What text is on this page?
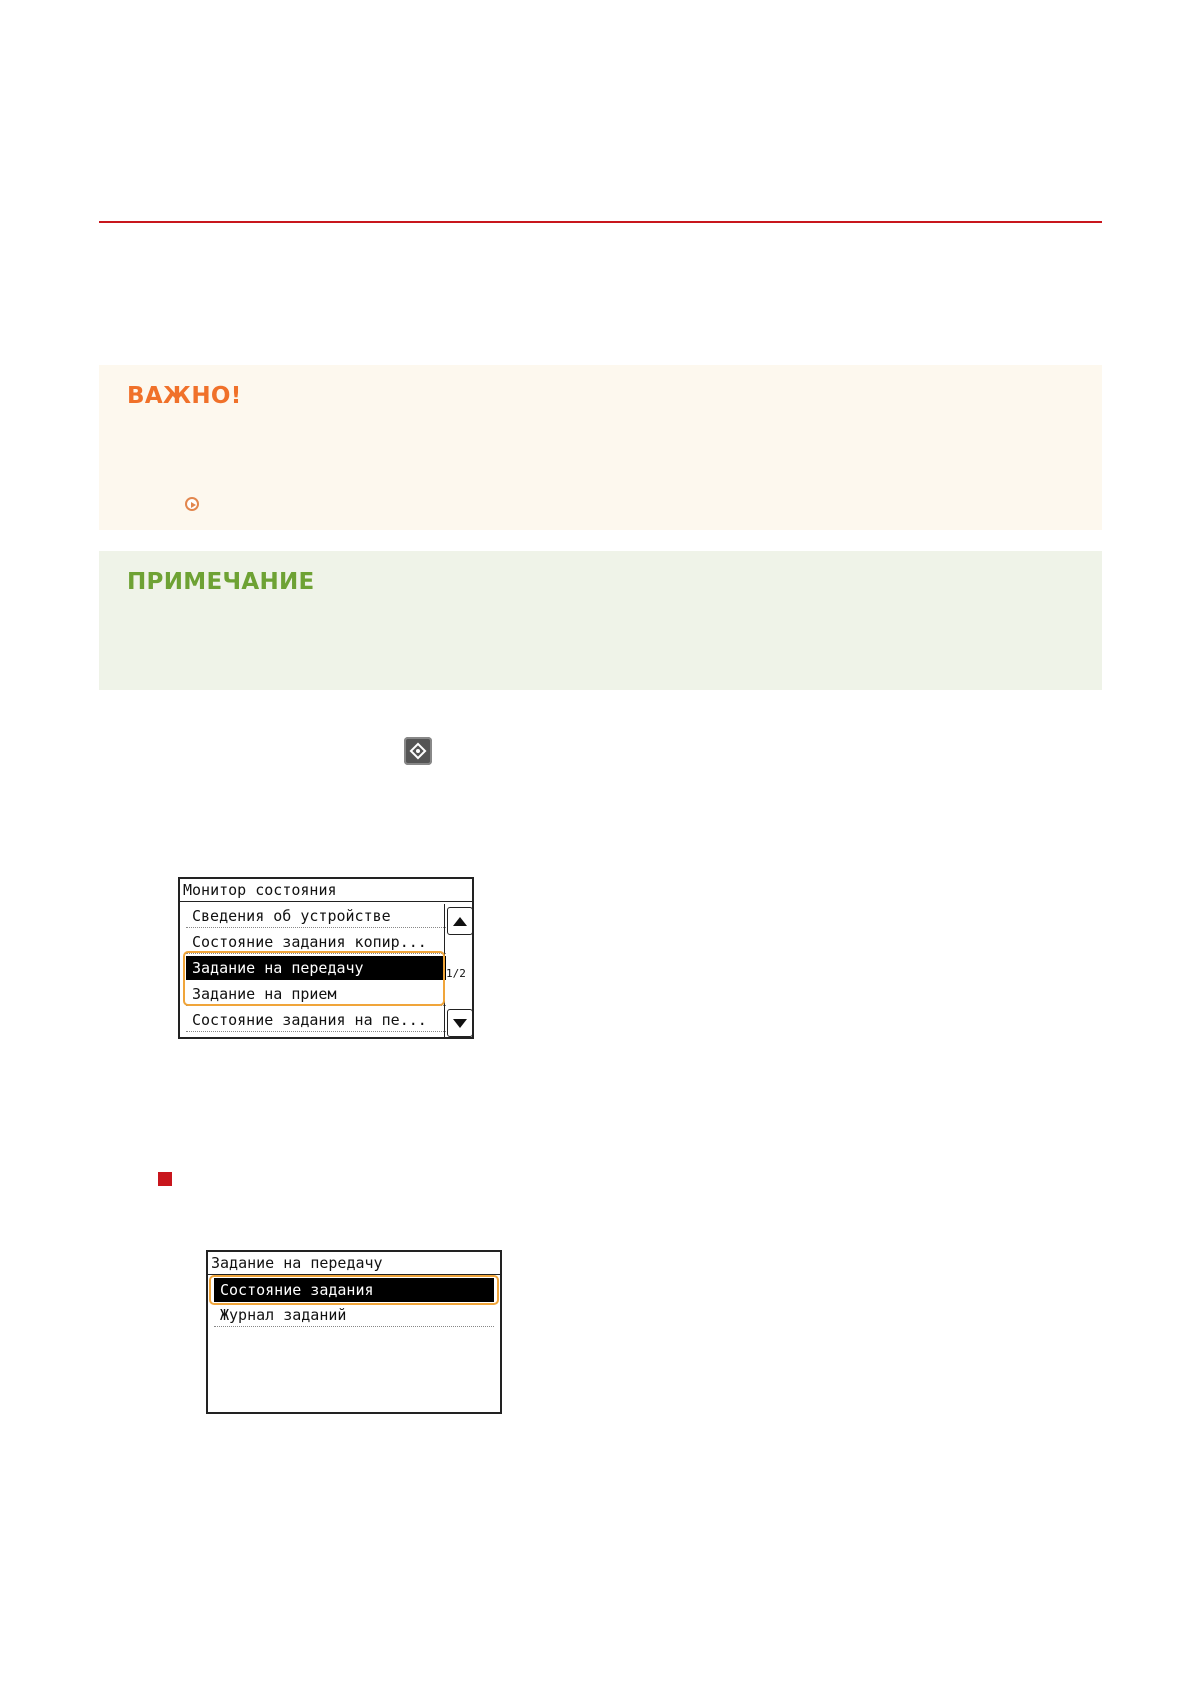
ВАЖНО!
ПРИМЕЧАНИЕ
Монитор состояния
Сведения об устройстве
Состояние задания копир...
Задание на передачу
Задание на прием
Состояние задания на пе...
1/2
Задание на передачу
Состояние задания
Журнал заданий
